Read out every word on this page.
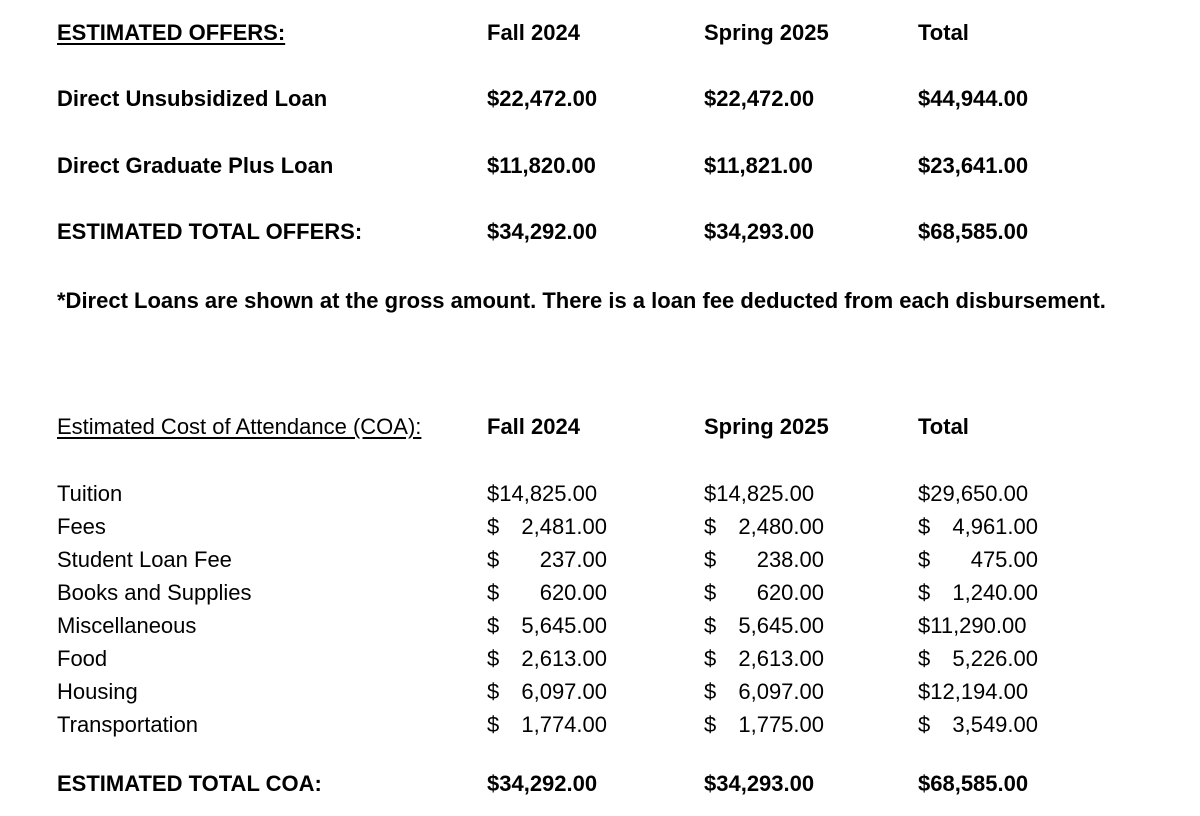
ESTIMATED OFFERS:	Fall 2024	Spring 2025	Total
Direct Unsubsidized Loan	$22,472.00	$22,472.00	$44,944.00
Direct Graduate Plus Loan	$11,820.00	$11,821.00	$23,641.00
ESTIMATED TOTAL OFFERS:	$34,292.00	$34,293.00	$68,585.00
*Direct Loans are shown at the gross amount. There is a loan fee deducted from each disbursement.
Estimated Cost of Attendance (COA):	Fall 2024	Spring 2025	Total
Tuition	$14,825.00	$14,825.00	$29,650.00
Fees	$ 2,481.00	$ 2,480.00	$ 4,961.00
Student Loan Fee	$ 237.00	$ 238.00	$ 475.00
Books and Supplies	$ 620.00	$ 620.00	$ 1,240.00
Miscellaneous	$ 5,645.00	$ 5,645.00	$11,290.00
Food	$ 2,613.00	$ 2,613.00	$ 5,226.00
Housing	$ 6,097.00	$ 6,097.00	$12,194.00
Transportation	$ 1,774.00	$ 1,775.00	$ 3,549.00
ESTIMATED TOTAL COA:	$34,292.00	$34,293.00	$68,585.00
